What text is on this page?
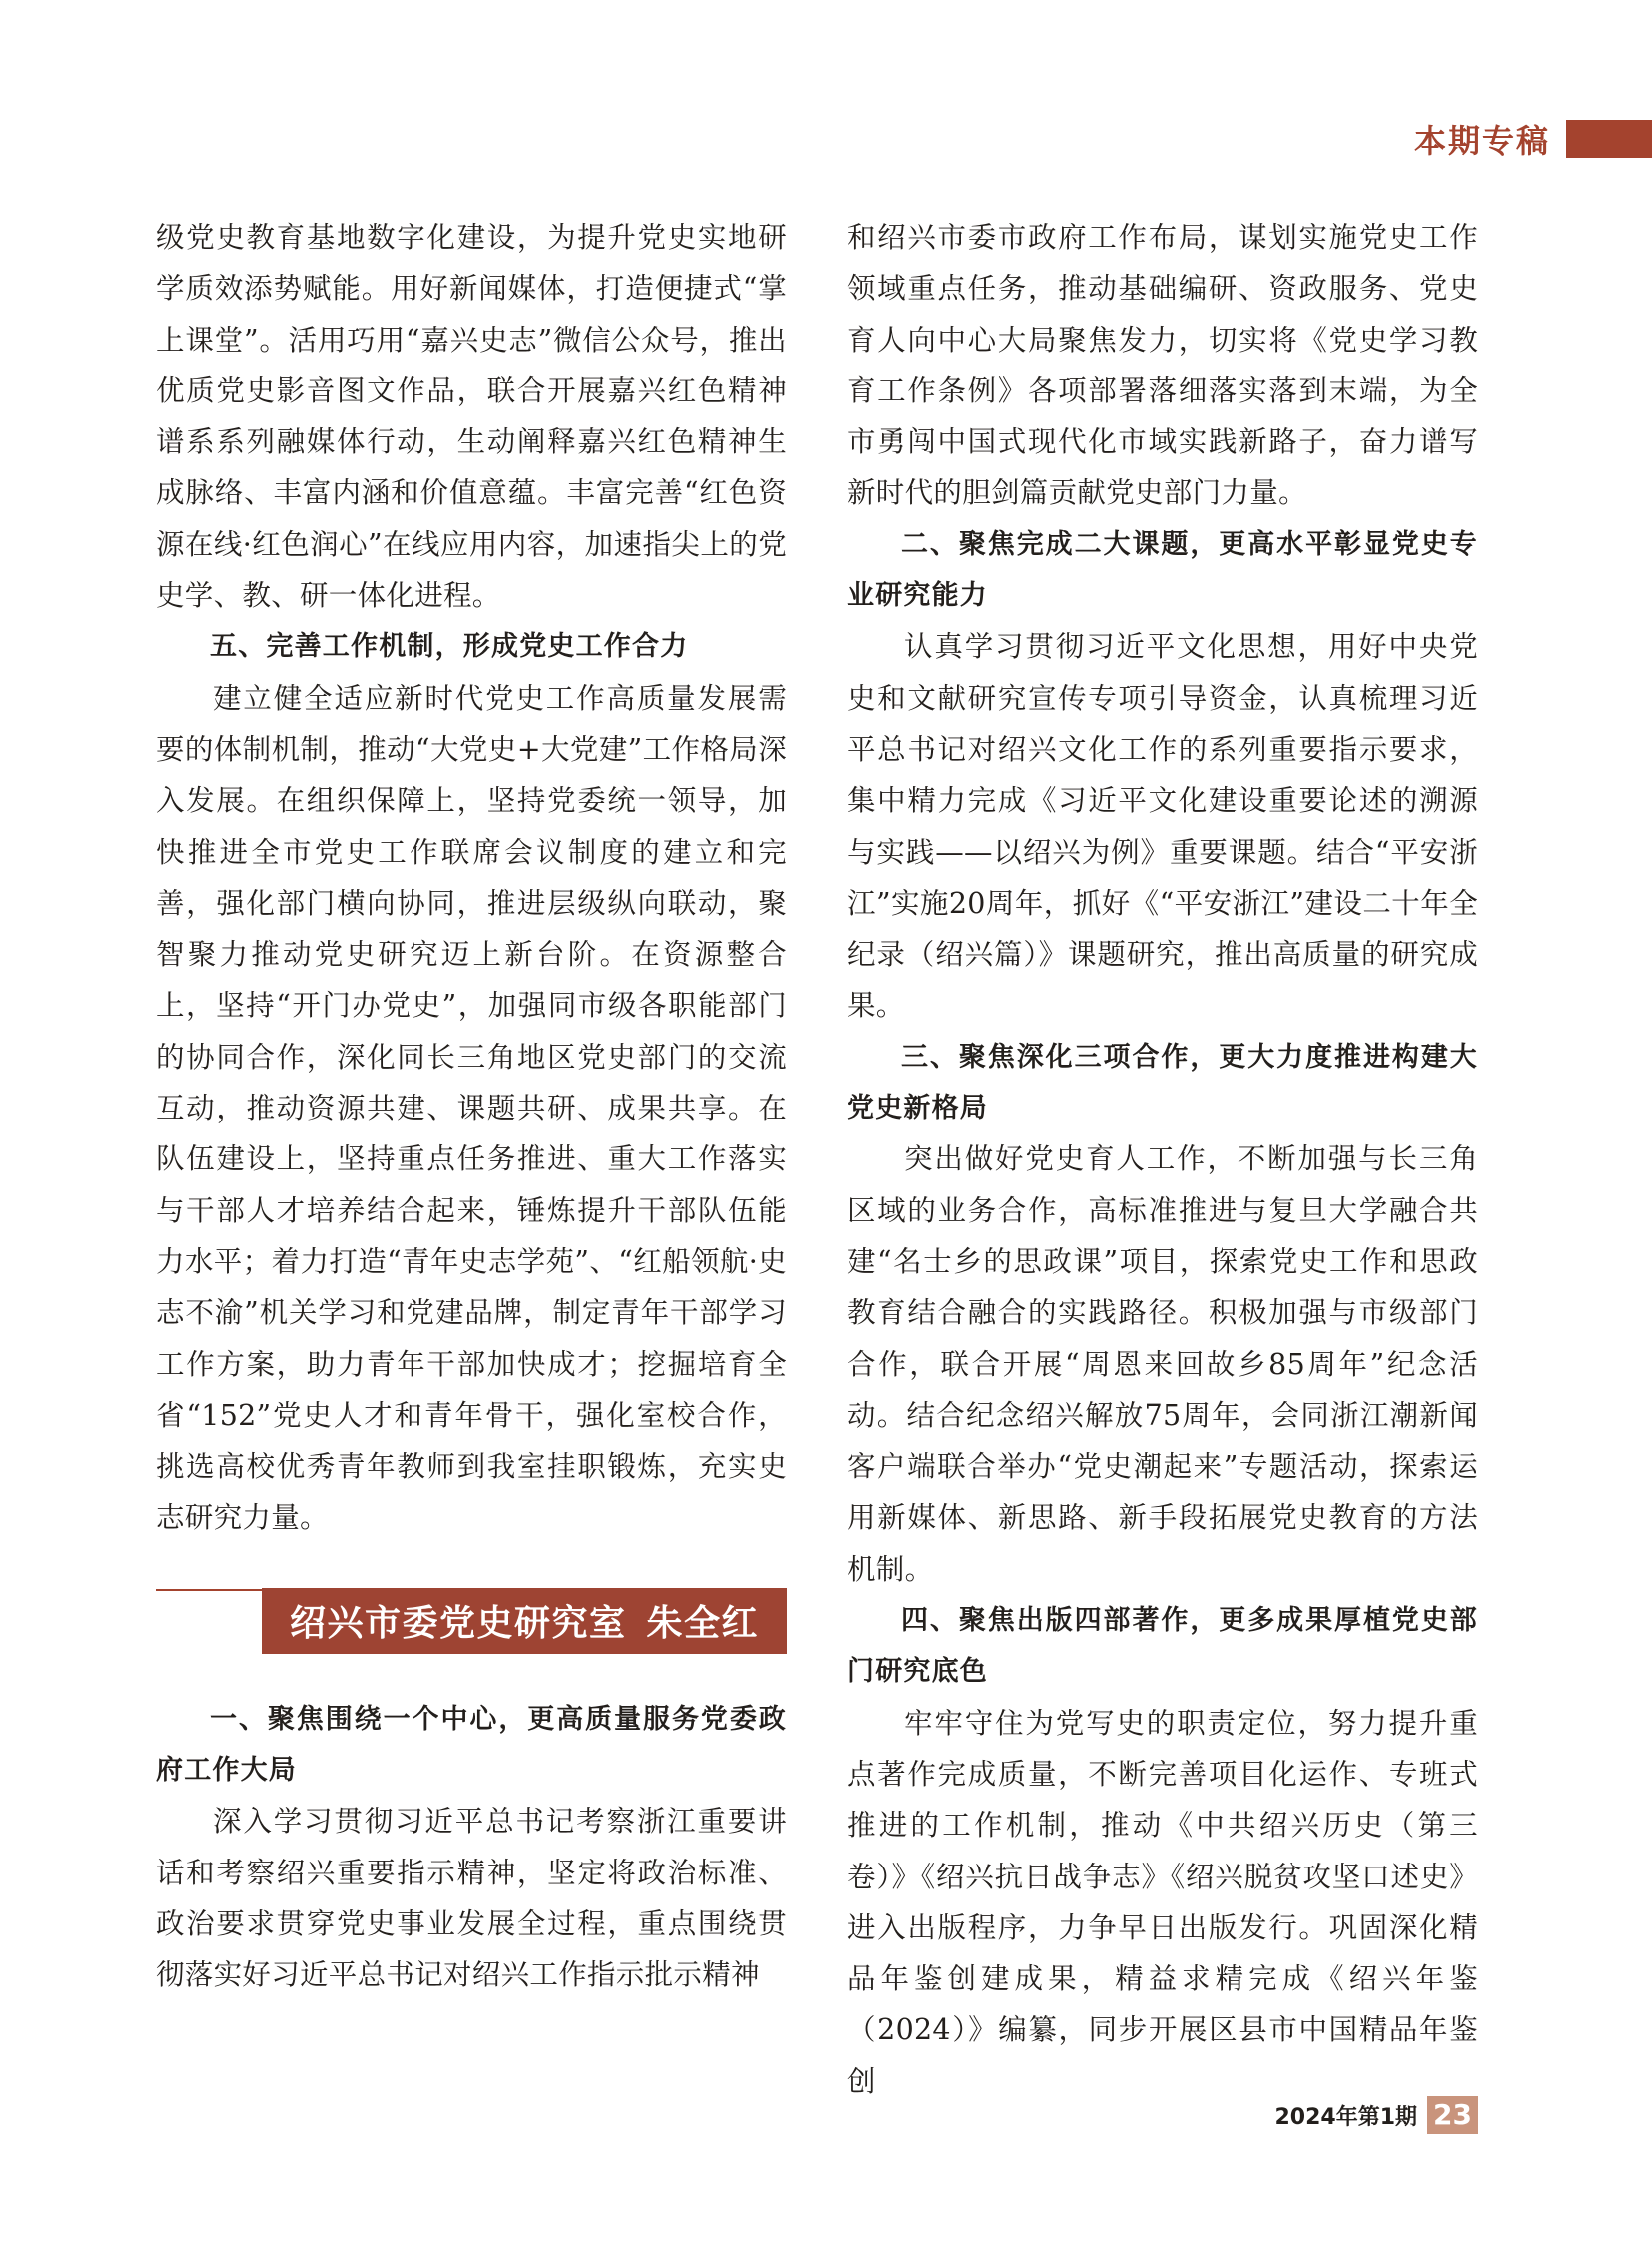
本期专稿

级党史教育基地数字化建设，为提升党史实地研学质效添势赋能。用好新闻媒体，打造便捷式“掌上课堂”。活用巧用“嘉兴史志”微信公众号，推出优质党史影音图文作品，联合开展嘉兴红色精神谱系系列融媒体行动，生动阐释嘉兴红色精神生成脉络、丰富内涵和价值意蕴。丰富完善“红色资源在线·红色润心”在线应用内容，加速指尖上的党史学、教、研一体化进程。

五、完善工作机制，形成党史工作合力

建立健全适应新时代党史工作高质量发展需要的体制机制，推动“大党史+大党建”工作格局深入发展。在组织保障上，坚持党委统一领导，加快推进全市党史工作联席会议制度的建立和完善，强化部门横向协同，推进层级纵向联动，聚智聚力推动党史研究迈上新台阶。在资源整合上，坚持“开门办党史”，加强同市级各职能部门的协同合作，深化同长三角地区党史部门的交流互动，推动资源共建、课题共研、成果共享。在队伍建设上，坚持重点任务推进、重大工作落实与干部人才培养结合起来，锤炼提升干部队伍能力水平；着力打造“青年史志学苑”、“红船领航·史志不渝”机关学习和党建品牌，制定青年干部学习工作方案，助力青年干部加快成才；挖掘培育全省“152”党史人才和青年骨干，强化室校合作，挑选高校优秀青年教师到我室挂职锻炼，充实史志研究力量。

绍兴市委党史研究室 朱全红

一、聚焦围绕一个中心，更高质量服务党委政府工作大局

深入学习贯彻习近平总书记考察浙江重要讲话和考察绍兴重要指示精神，坚定将政治标准、政治要求贯穿党史事业发展全过程，重点围绕贯彻落实好习近平总书记对绍兴工作指示批示精神

和绍兴市委市政府工作布局，谋划实施党史工作领域重点任务，推动基础编研、资政服务、党史育人向中心大局聚焦发力，切实将《党史学习教育工作条例》各项部署落细落实落到末端，为全市勇闯中国式现代化市域实践新路子，奋力谱写新时代的胆剑篇贡献党史部门力量。

二、聚焦完成二大课题，更高水平彰显党史专业研究能力

认真学习贯彻习近平文化思想，用好中央党史和文献研究宣传专项引导资金，认真梳理习近平总书记对绍兴文化工作的系列重要指示要求，集中精力完成《习近平文化建设重要论述的溯源与实践——以绍兴为例》重要课题。结合“平安浙江”实施20周年，抓好《“平安浙江”建设二十年全纪录（绍兴篇）》课题研究，推出高质量的研究成果。

三、聚焦深化三项合作，更大力度推进构建大党史新格局

突出做好党史育人工作，不断加强与长三角区域的业务合作，高标准推进与复旦大学融合共建“名士乡的思政课”项目，探索党史工作和思政教育结合融合的实践路径。积极加强与市级部门合作，联合开展“周恩来回故乡85周年”纪念活动。结合纪念绍兴解放75周年，会同浙江潮新闻客户端联合举办“党史潮起来”专题活动，探索运用新媒体、新思路、新手段拓展党史教育的方法机制。

四、聚焦出版四部著作，更多成果厚植党史部门研究底色

牢牢守住为党写史的职责定位，努力提升重点著作完成质量，不断完善项目化运作、专班式推进的工作机制，推动《中共绍兴历史（第三卷）》《绍兴抗日战争志》《绍兴脱贫攻坚口述史》进入出版程序，力争早日出版发行。巩固深化精品年鉴创建成果，精益求精完成《绍兴年鉴（2024）》编纂，同步开展区县市中国精品年鉴创

2024年第1期 23
